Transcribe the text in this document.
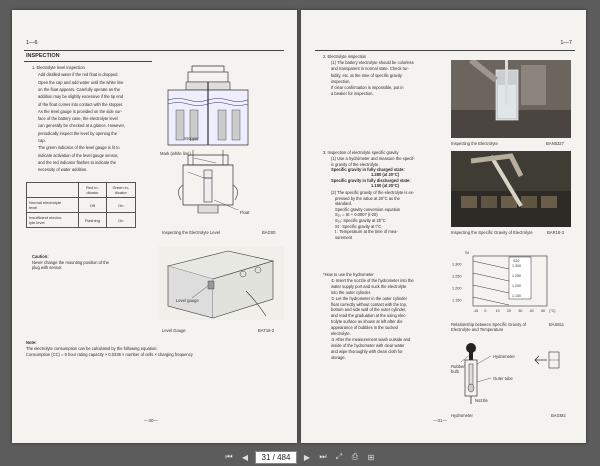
1—6
INSPECTION
1. Electrolyte level inspection
Add distilled water if the red float is dropped.
Open the cap and add water until the white line
on the float appears. Carefully operate as the
addition may be slightly excessive if the tip end
of the float comes into contact with the stopper.
As the level gauge is provided on the side sur-
face of the battery case, the electrolyte level
can generally be checked at a glance. However,
periodically inspect the level by opening the
cap.
The green indicator of the level gauge is lit to
indicate activation of the level gauge sensor,
and the red indicator flashes to indicate the
necessity of water addition.
	Red in-
dicator	Green in-
dicator
Normal electrolyte
level	Off	On
Insufficient electro-
lyte level	Flashing	On
Stopper
Mark (white line)
Float
Inspecting the Electrolyte Level	BAG00
Caution:
Never change the mounting position of the
plug with sensor.
Level gauge
Level Gauge	BAT18-2
Note:
The electrolyte consumption can be calculated by the following equation:
Consumption (CC) = 5 hour rating capacity × 0.0336 × number of cells × charging frequency
—30—
1—7
2. Electrolyte inspection
(1) The battery electrolyte should be colorless
and transparent in normal state. Check tur-
bidity, etc. at the time of specific gravity
inspection.
If clear confirmation is impossible, put in
a beaker for inspection.
Inspecting the Electrolyte	BAN5327
3. Inspection of electrolyte specific gravity
(1) Use a hydrometer and measure the specif-
ic gravity of the electrolyte.
Specific gravity in fully charged state:
1.280 (at 20°C)
Specific gravity in fully discharged state:
1.150 (at 20°C)
(2) The specific gravity of the electrolyte is ex-
pressed by the value at 20°C as the
standard.
Specific gravity conversion equation
S₂₀ = St + 0.0007 (t-20)
S₂₀: Specific gravity at 20°C
St : Specific gravity at t°C
t : Temperature at the time of mea-
surement
Inspecting the Specific Gravity of Electrolyte	BAR18-3
St
S20
1.300
1.250
1.200
1.150
1.300
1.250
1.200
1.150
-15 0	10 20 30 40 50 (°C)
Relationship between Specific Gravity of Electrolyte and Temperature
BAS811
*How to use the hydrometer
① Insert the nozzle of the hydrometer into the
water supply port and suck the electrolyte
into the outer cylinder.
② Let the hydrometer in the outer cylinder
float correctly without contact with the top,
bottom and side wall of the outer cylinder,
and read the graduation at the using elec-
trolyte surface as shown at left after dis-
appearance of bubbles in the sucked
electrolyte.
③ After the measurement wash outside and
inside of the hydrometer with clear water
and wipe thoroughly with clean cloth for
storage.	Hydrometer
Rubber
bulb
Outer tube
Nozzle
Hydrometer	BAGM2
—31—
⏮	◀
31 / 484	▶	⏭	⤢	⎙	⊞
